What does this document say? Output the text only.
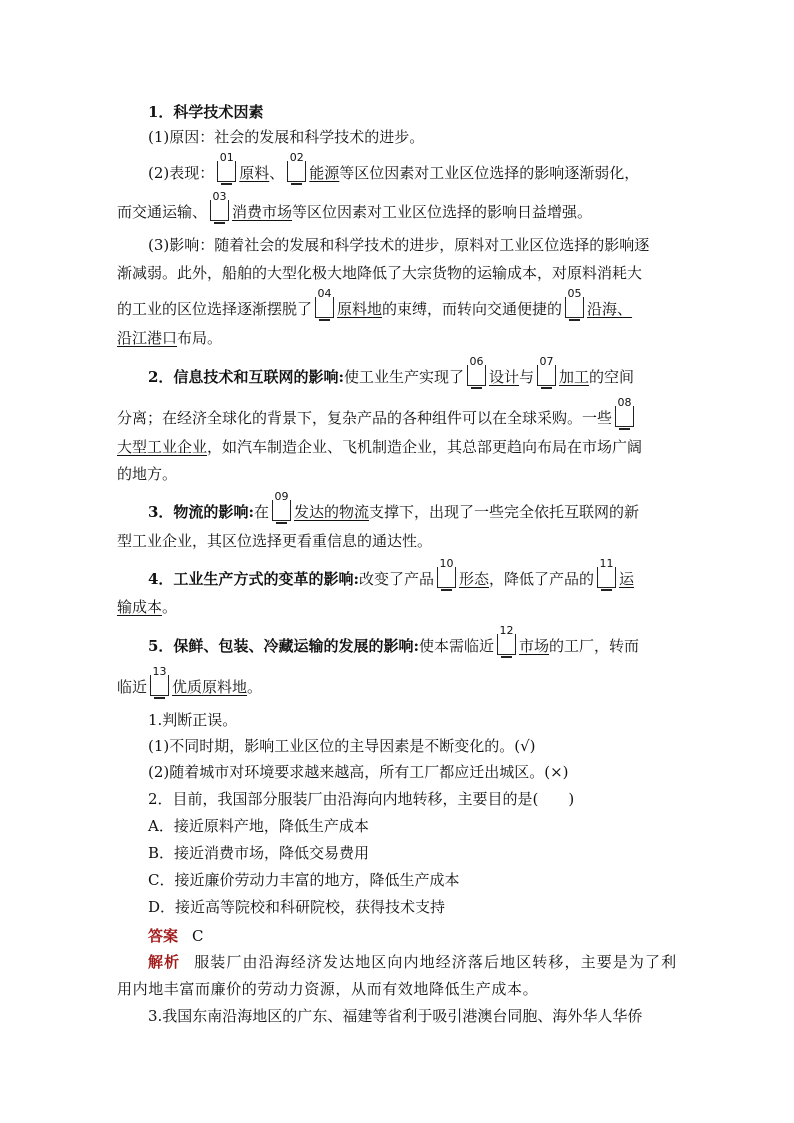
1．科学技术因素
(1)原因：社会的发展和科学技术的进步。
(2)表现：
01
原料、
02
能源等区位因素对工业区位选择的影响逐渐弱化，
而交通运输、
03
消费市场等区位因素对工业区位选择的影响日益增强。
(3)影响：随着社会的发展和科学技术的进步，原料对工业区位选择的影响逐
渐减弱。此外，船舶的大型化极大地降低了大宗货物的运输成本，对原料消耗大
的工业的区位选择逐渐摆脱了
04
原料地的束缚，而转向交通便捷的
05
沿海、
沿江港口布局。
2．信息技术和互联网的影响:使工业生产实现了
06
设计与
07
加工的空间
分离；在经济全球化的背景下，复杂产品的各种组件可以在全球采购。一些
08
大型工业企业，如汽车制造企业、飞机制造企业，其总部更趋向布局在市场广阔
的地方。
3．物流的影响:在
09
发达的物流支撑下，出现了一些完全依托互联网的新
型工业企业，其区位选择更看重信息的通达性。
4．工业生产方式的变革的影响:改变了产品
10
形态，降低了产品的
11
运
输成本。
5．保鲜、包装、冷藏运输的发展的影响:使本需临近
12
市场的工厂，转而
临近
13
优质原料地。
1.判断正误。
(1)不同时期，影响工业区位的主导因素是不断变化的。(√)
(2)随着城市对环境要求越来越高，所有工厂都应迁出城区。(×)
2．目前，我国部分服装厂由沿海向内地转移，主要目的是(　　)
A．接近原料产地，降低生产成本
B．接近消费市场，降低交易费用
C．接近廉价劳动力丰富的地方，降低生产成本
D．接近高等院校和科研院校，获得技术支持
答案 C
解析 服装厂由沿海经济发达地区向内地经济落后地区转移，主要是为了利
用内地丰富而廉价的劳动力资源，从而有效地降低生产成本。
3.我国东南沿海地区的广东、福建等省利于吸引港澳台同胞、海外华人华侨
